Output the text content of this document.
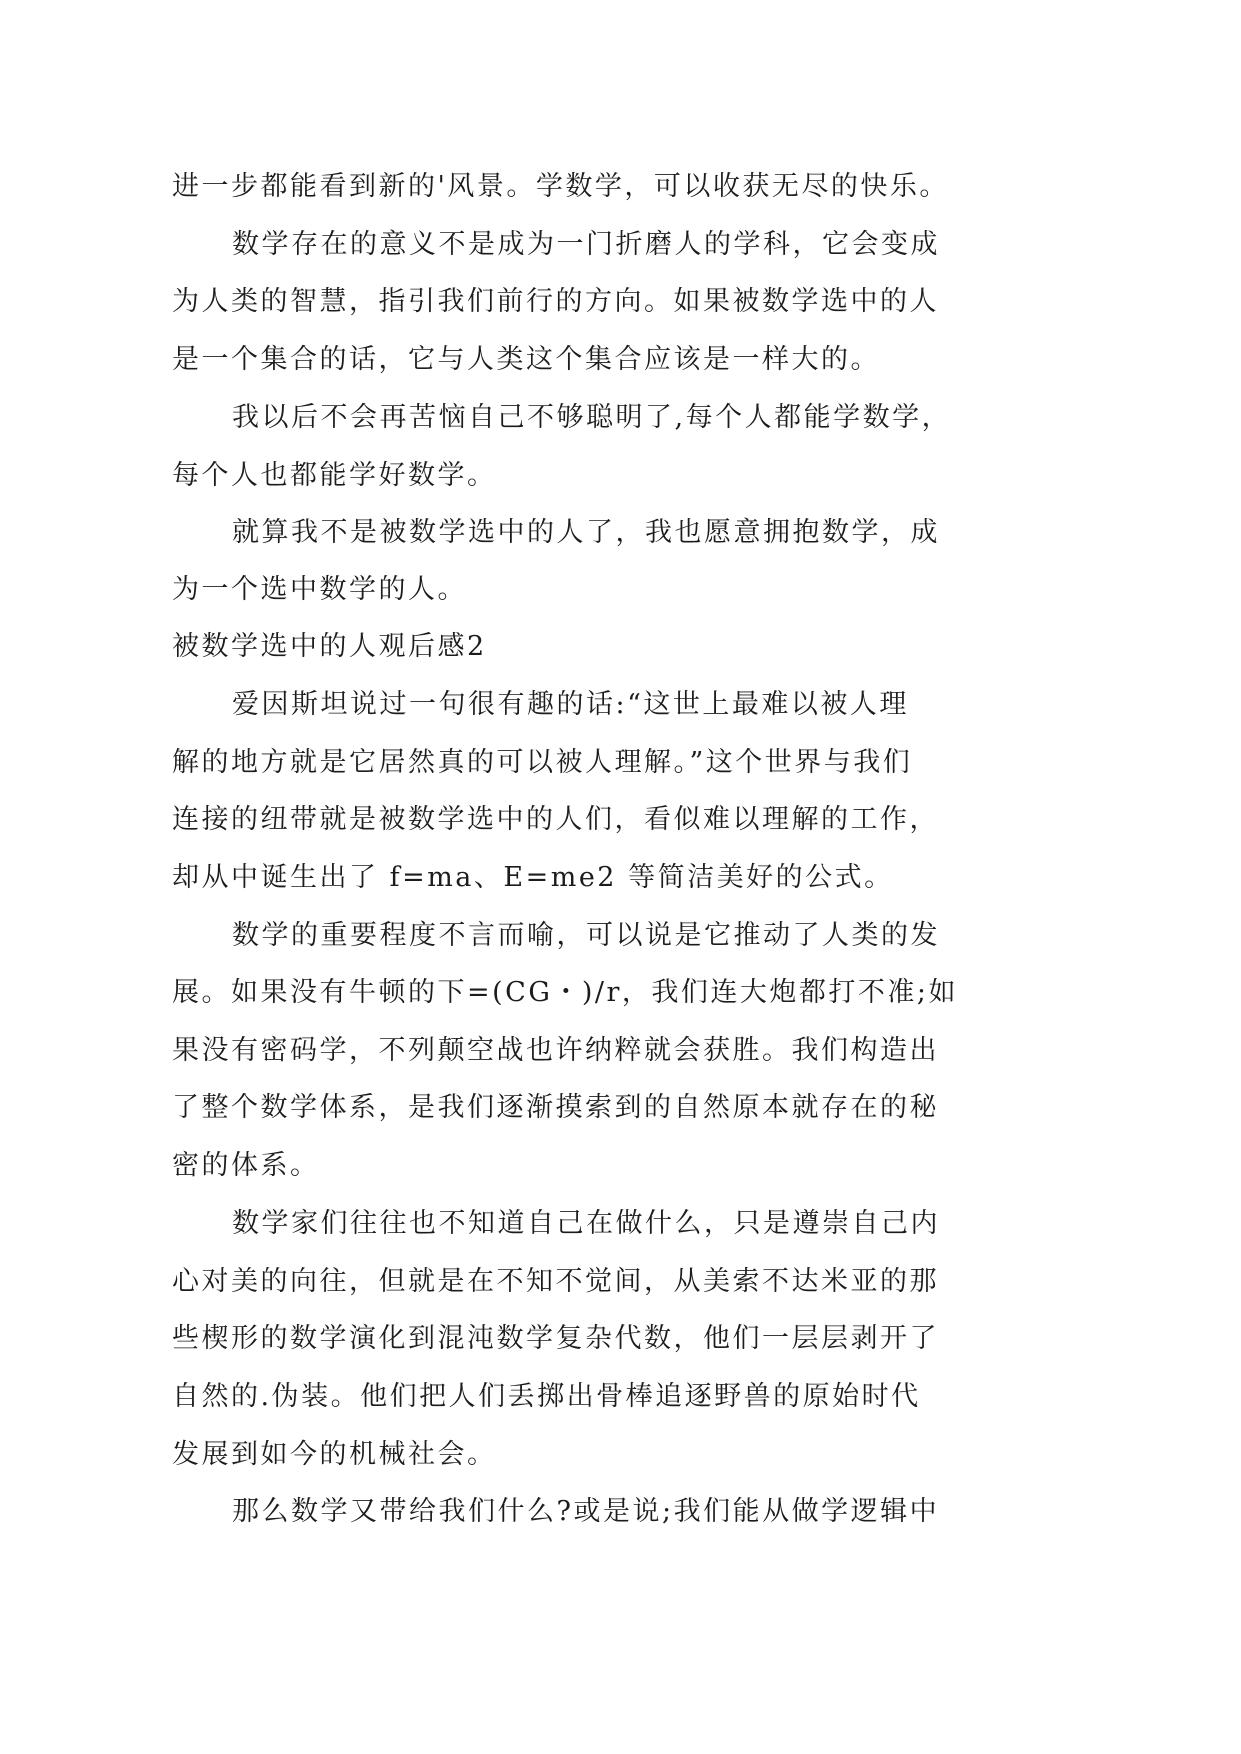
进一步都能看到新的'风景。学数学，可以收获无尽的快乐。
数学存在的意义不是成为一门折磨人的学科，它会变成
为人类的智慧，指引我们前行的方向。如果被数学选中的人
是一个集合的话，它与人类这个集合应该是一样大的。
我以后不会再苦恼自己不够聪明了,每个人都能学数学，
每个人也都能学好数学。
就算我不是被数学选中的人了，我也愿意拥抱数学，成
为一个选中数学的人。
被数学选中的人观后感2
爱因斯坦说过一句很有趣的话:“这世上最难以被人理
解的地方就是它居然真的可以被人理解。”这个世界与我们
连接的纽带就是被数学选中的人们，看似难以理解的工作，
却从中诞生出了 f=ma、E=me2 等简洁美好的公式。
数学的重要程度不言而喻，可以说是它推动了人类的发
展。如果没有牛顿的下=(CG・)/r，我们连大炮都打不准;如
果没有密码学，不列颠空战也许纳粹就会获胜。我们构造出
了整个数学体系，是我们逐渐摸索到的自然原本就存在的秘
密的体系。
数学家们往往也不知道自己在做什么，只是遵崇自己内
心对美的向往，但就是在不知不觉间，从美索不达米亚的那
些楔形的数学演化到混沌数学复杂代数，他们一层层剥开了
自然的.伪装。他们把人们丢掷出骨棒追逐野兽的原始时代
发展到如今的机械社会。
那么数学又带给我们什么?或是说;我们能从做学逻辑中
